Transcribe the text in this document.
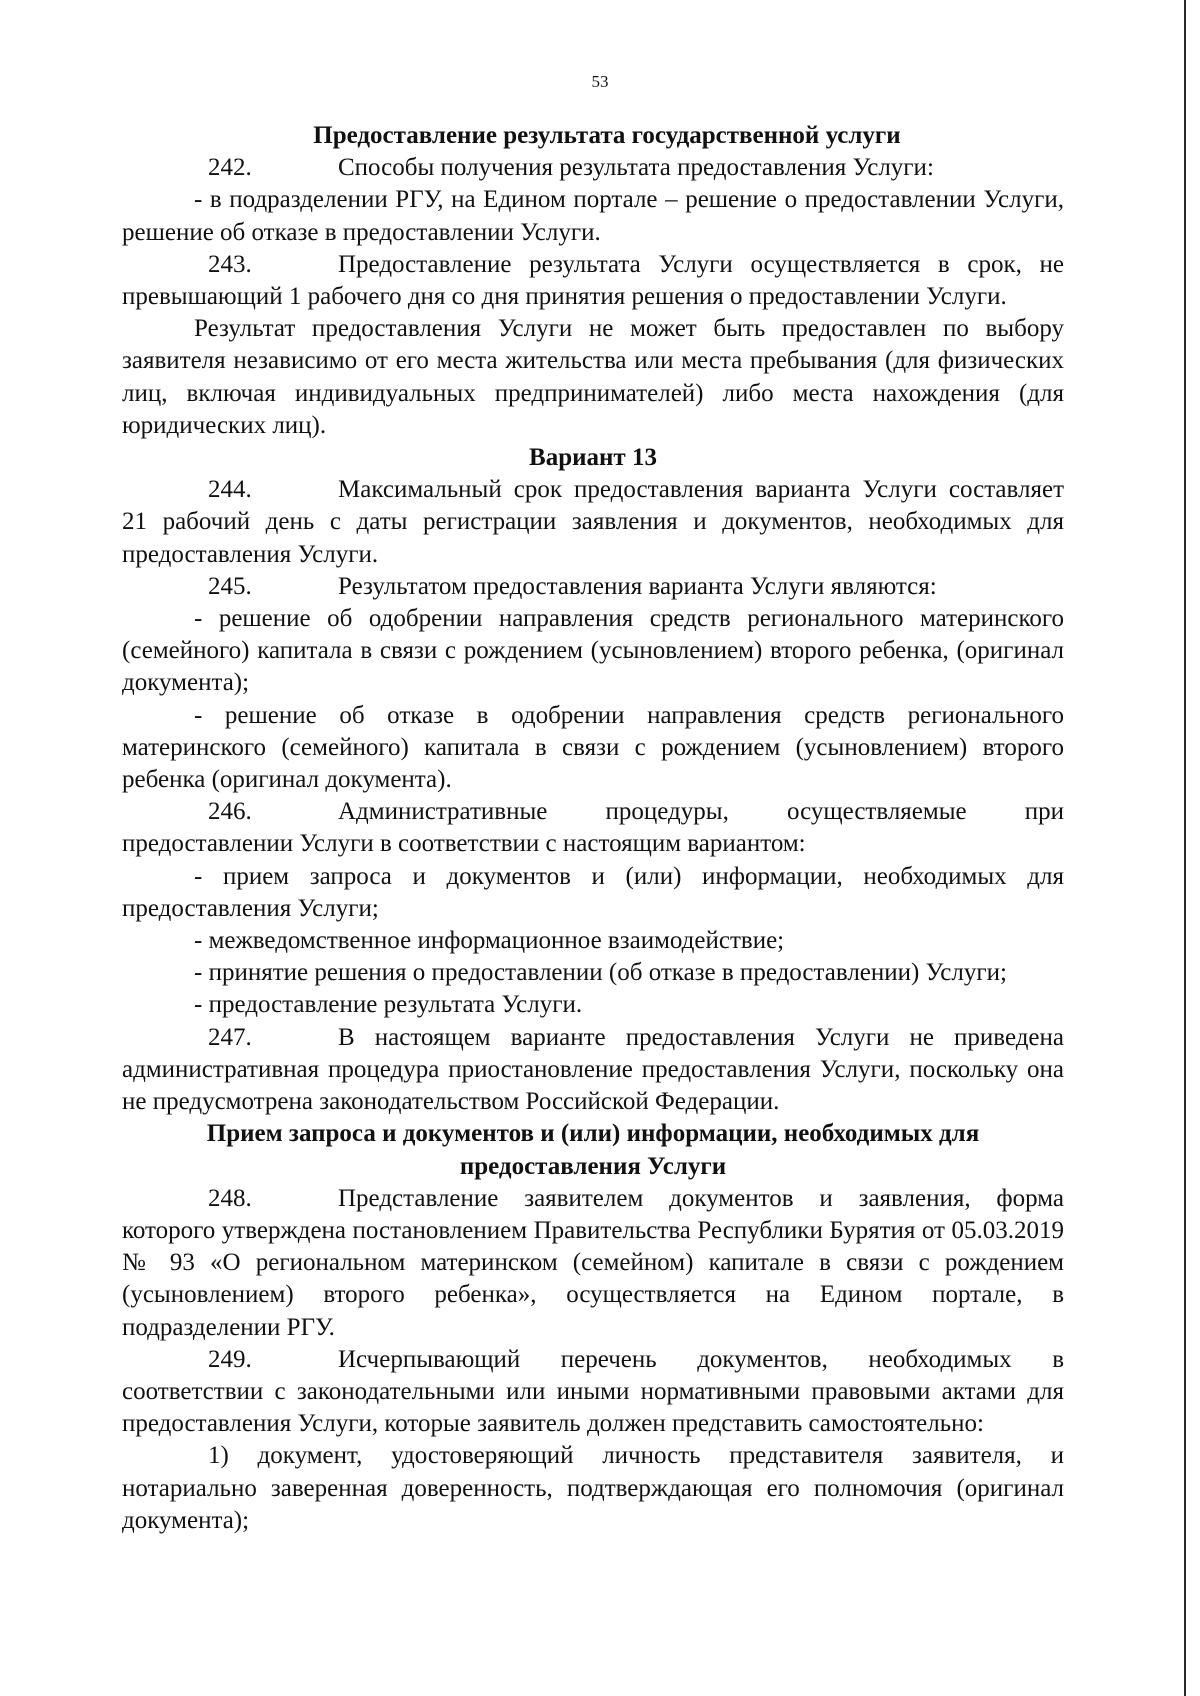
53
Предоставление результата государственной услуги
242.	Способы получения результата предоставления Услуги:
- в подразделении РГУ, на Едином портале – решение о предоставлении Услуги, решение об отказе в предоставлении Услуги.
243.	Предоставление результата Услуги осуществляется в срок, не превышающий 1 рабочего дня со дня принятия решения о предоставлении Услуги.
Результат предоставления Услуги не может быть предоставлен по выбору заявителя независимо от его места жительства или места пребывания (для физических лиц, включая индивидуальных предпринимателей) либо места нахождения (для юридических лиц).
Вариант 13
244.	Максимальный срок предоставления варианта Услуги составляет 21 рабочий день с даты регистрации заявления и документов, необходимых для предоставления Услуги.
245.	Результатом предоставления варианта Услуги являются:
- решение об одобрении направления средств регионального материнского (семейного) капитала в связи с рождением (усыновлением) второго ребенка, (оригинал документа);
- решение об отказе в одобрении направления средств регионального материнского (семейного) капитала в связи с рождением (усыновлением) второго ребенка (оригинал документа).
246.	Административные процедуры, осуществляемые при предоставлении Услуги в соответствии с настоящим вариантом:
- прием запроса и документов и (или) информации, необходимых для предоставления Услуги;
- межведомственное информационное взаимодействие;
- принятие решения о предоставлении (об отказе в предоставлении) Услуги;
- предоставление результата Услуги.
247.	В настоящем варианте предоставления Услуги не приведена административная процедура приостановление предоставления Услуги, поскольку она не предусмотрена законодательством Российской Федерации.
Прием запроса и документов и (или) информации, необходимых для предоставления Услуги
248.	Представление заявителем документов и заявления, форма которого утверждена постановлением Правительства Республики Бурятия от 05.03.2019 № 93 «О региональном материнском (семейном) капитале в связи с рождением (усыновлением) второго ребенка», осуществляется на Едином портале, в подразделении РГУ.
249.	Исчерпывающий перечень документов, необходимых в соответствии с законодательными или иными нормативными правовыми актами для предоставления Услуги, которые заявитель должен представить самостоятельно:
1) документ, удостоверяющий личность представителя заявителя, и нотариально заверенная доверенность, подтверждающая его полномочия (оригинал документа);
